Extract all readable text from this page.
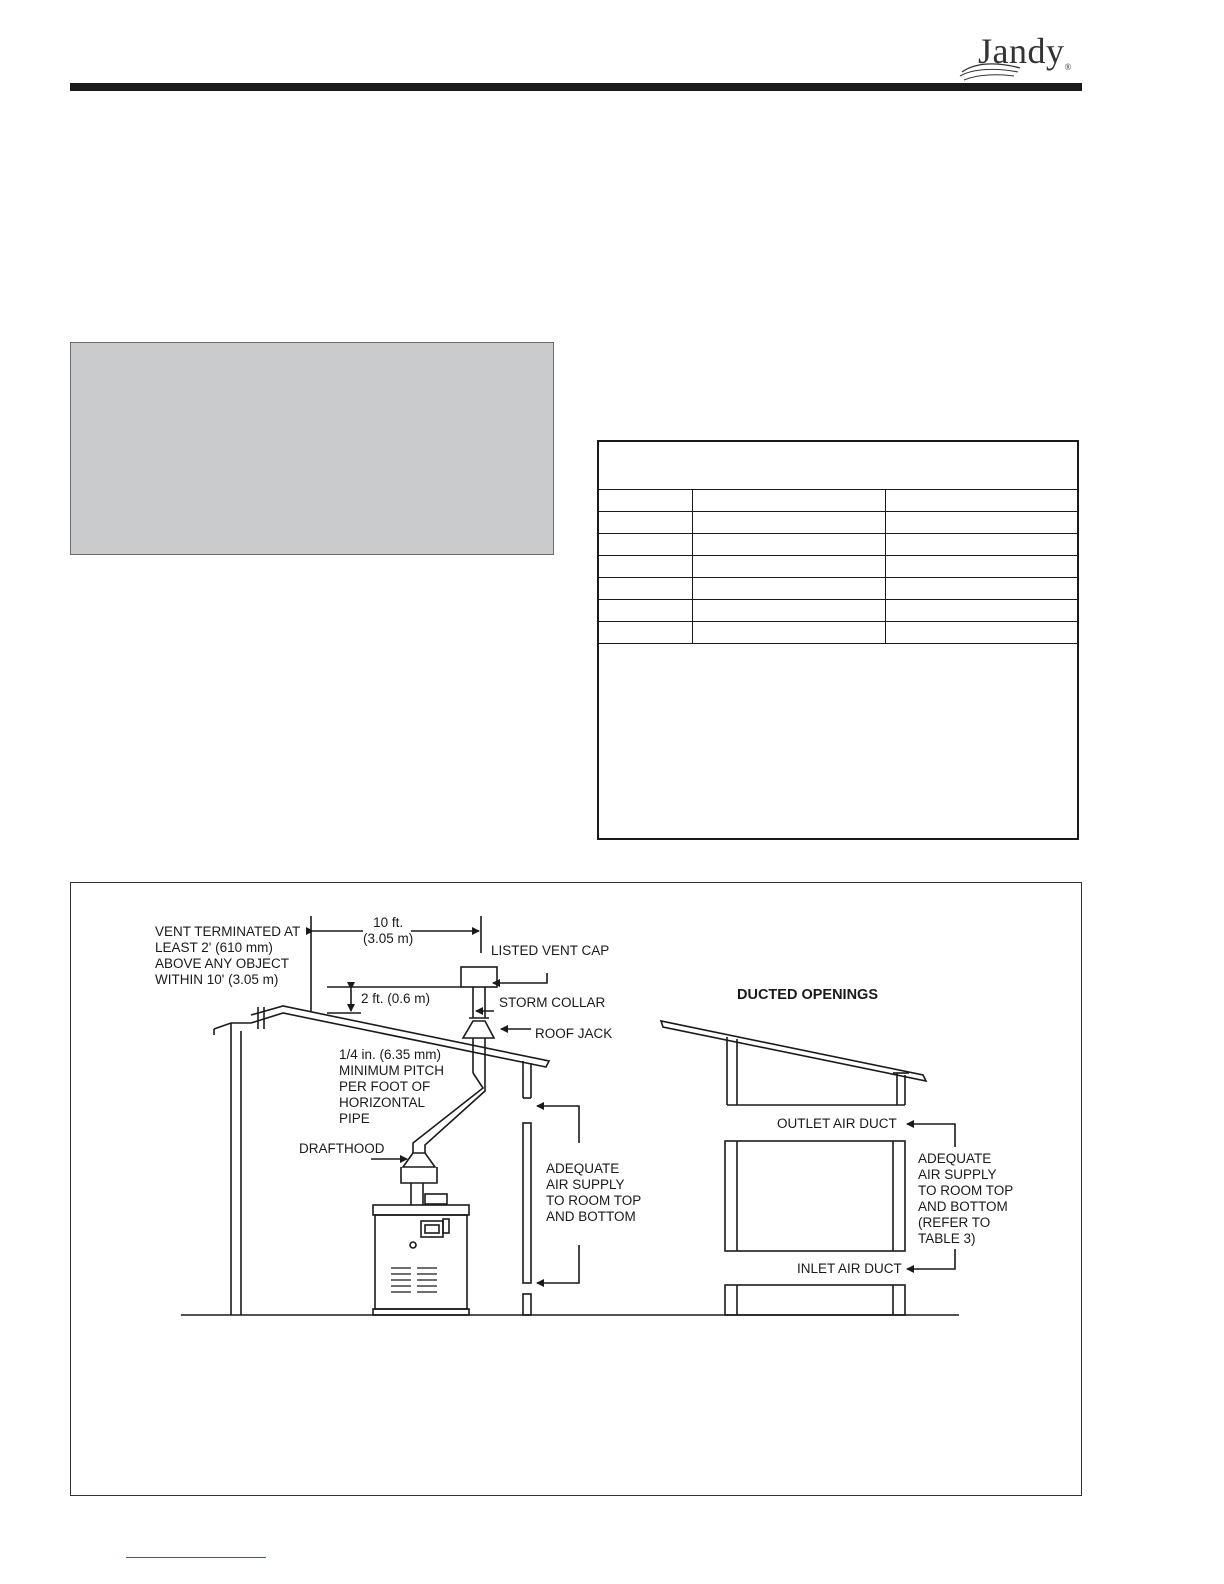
Jandy®

VENT TERMINATED AT
LEAST 2' (610 mm)
ABOVE ANY OBJECT
WITHIN 10' (3.05 m)
10 ft.
(3.05 m)
LISTED VENT CAP
2 ft. (0.6 m)	STORM COLLAR
ROOF JACK
1/4 in. (6.35 mm)
MINIMUM PITCH
PER FOOT OF
HORIZONTAL
PIPE
DRAFTHOOD
ADEQUATE
AIR SUPPLY
TO ROOM TOP
AND BOTTOM
DUCTED OPENINGS
OUTLET AIR DUCT
ADEQUATE
AIR SUPPLY
TO ROOM TOP
AND BOTTOM
(REFER TO
TABLE 3)
INLET AIR DUCT
